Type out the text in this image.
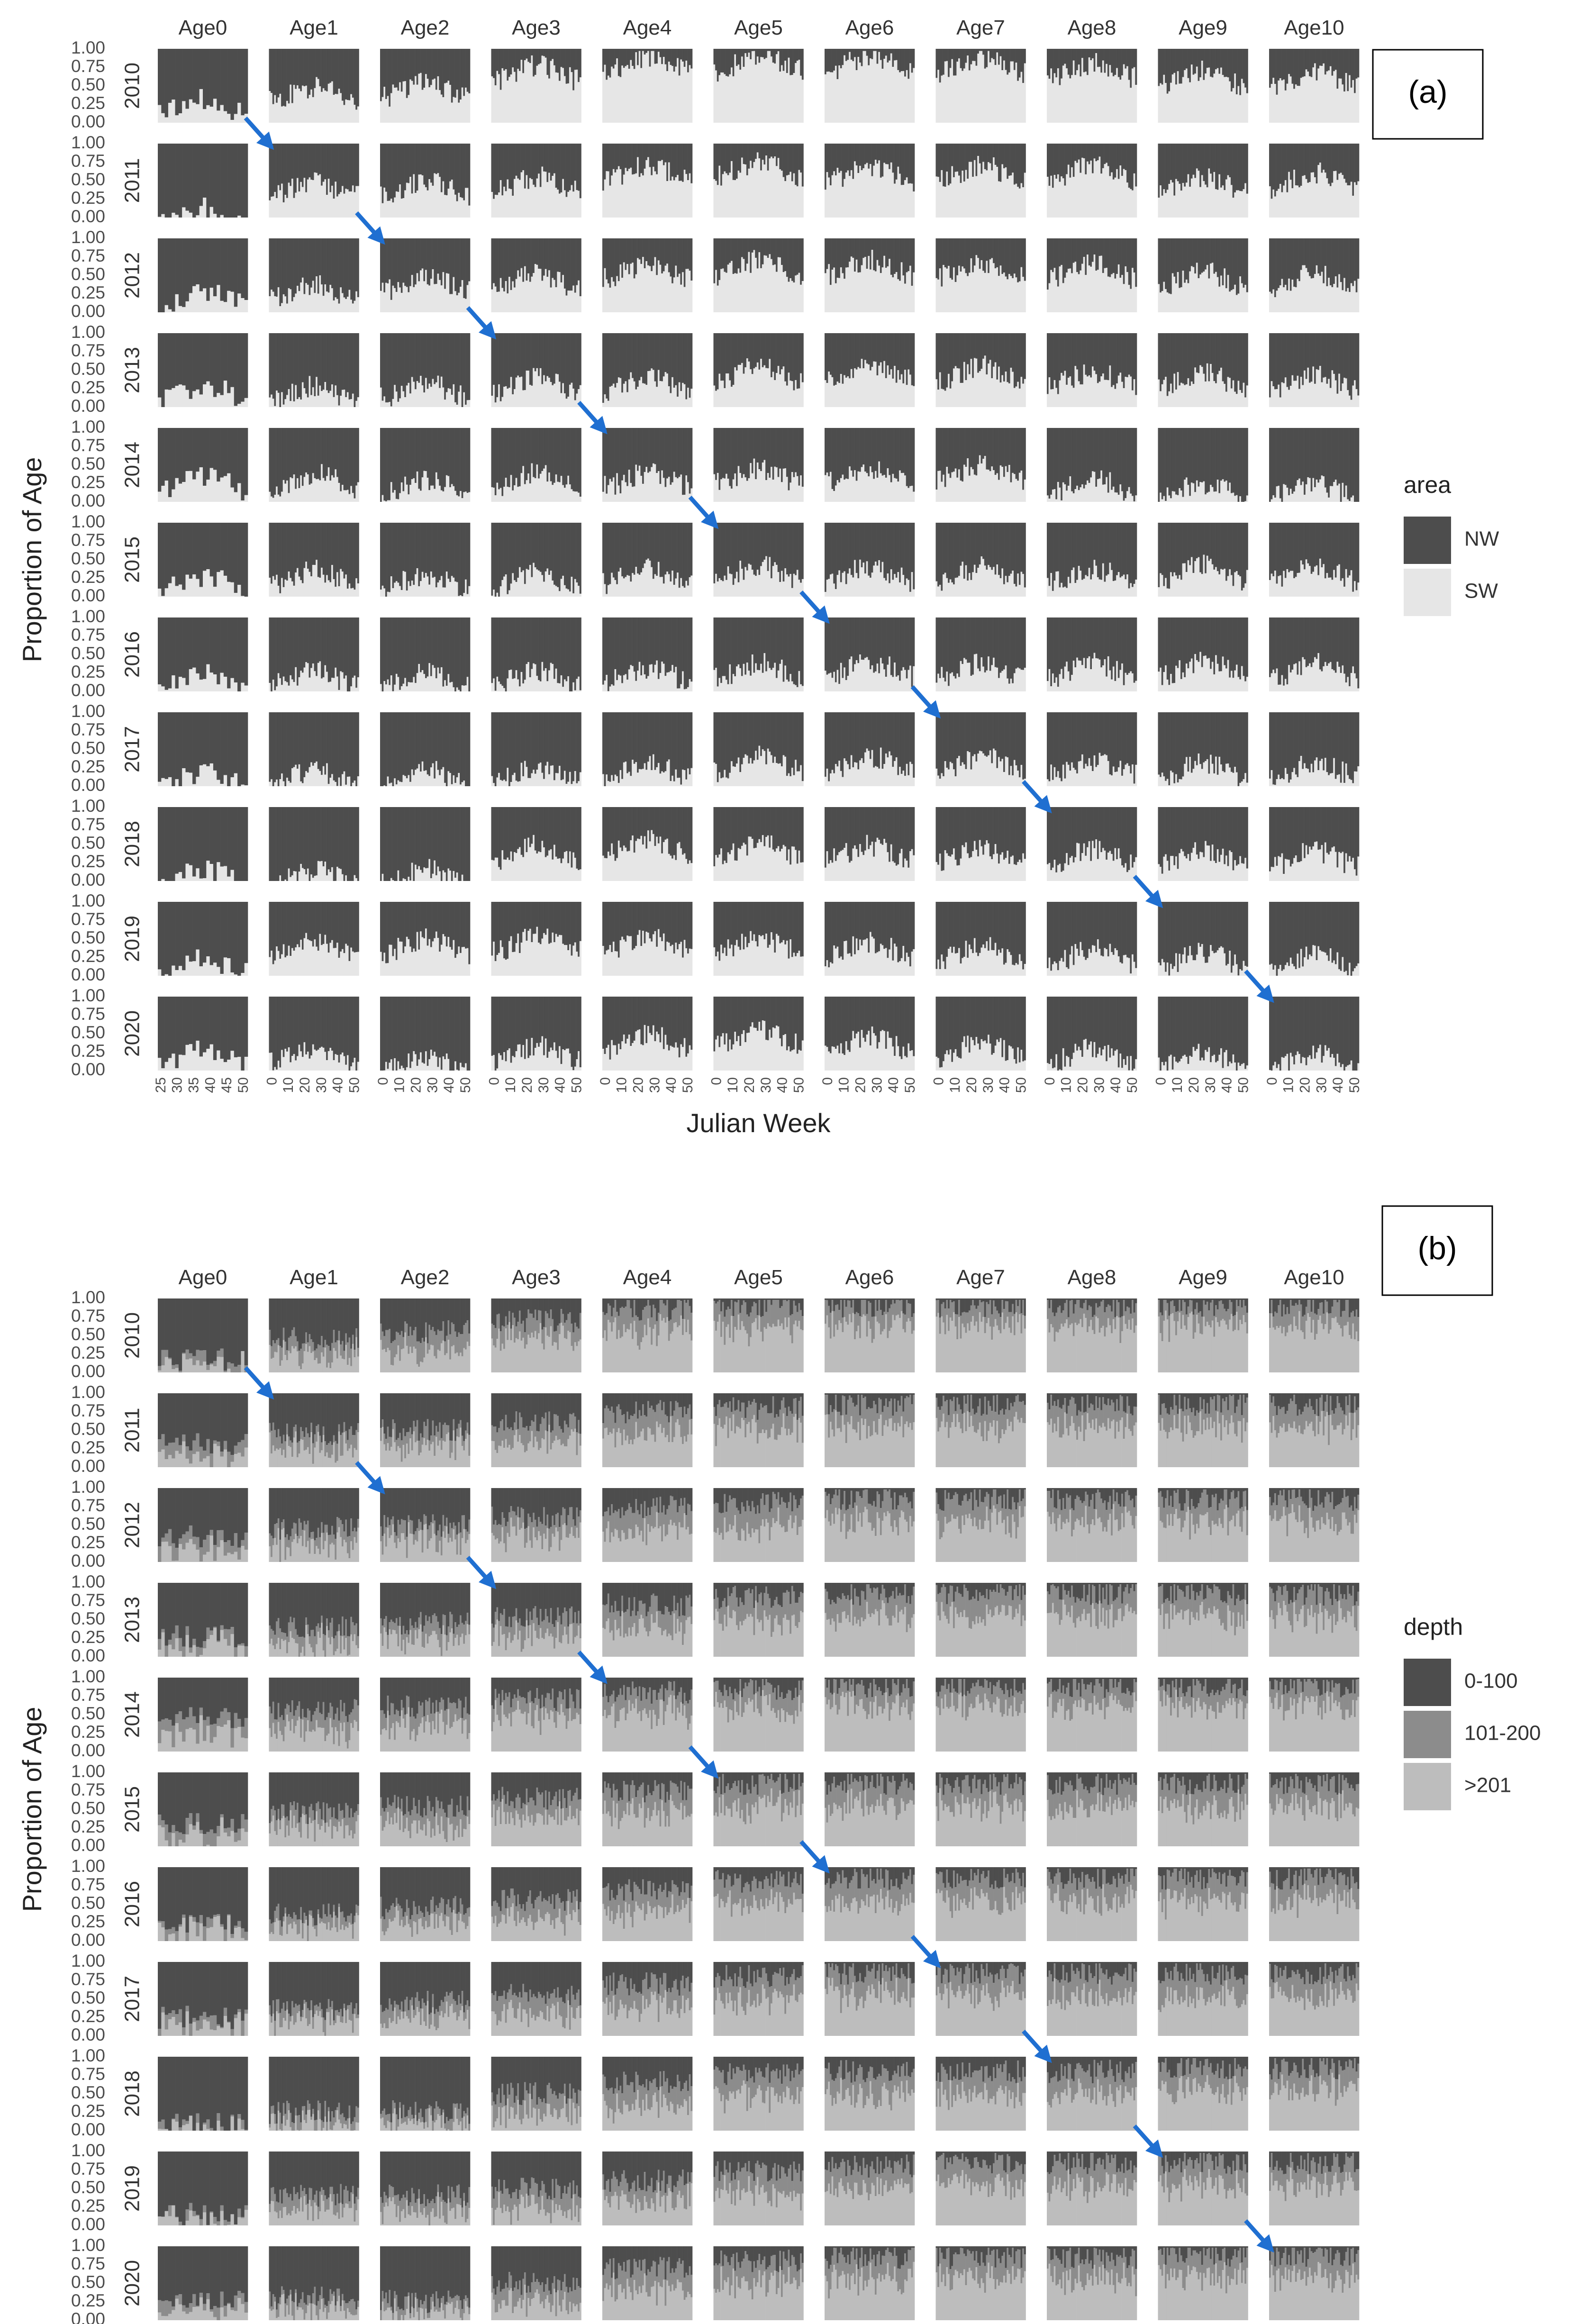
Age0	Age1	Age2	Age3	Age4	Age5	Age6	Age7	Age8	Age9	Age10
2010
1.00
0.75
0.50
0.25
0.00
2011
1.00
0.75
0.50
0.25
0.00
2012
1.00
0.75
0.50
0.25
0.00
2013
1.00
0.75
0.50
0.25
0.00
2014
1.00
0.75
0.50
0.25
0.00
2015
1.00
0.75
0.50
0.25
0.00
2016
1.00
0.75
0.50
0.25
0.00
2017
1.00
0.75
0.50
0.25
0.00
2018
1.00
0.75
0.50
0.25
0.00
2019
1.00
0.75
0.50
0.25
0.00
2020
1.00
0.75
0.50
0.25
0.00
25 30 35 40 45 50 0 10 20 30 40 50 0 10 20 30 40 50 0 10 20 30 40 50 0 10 20 30 40 50 0 10 20 30 40 50 0 10 20 30 40 50 0 10 20 30 40 50 0 10 20 30 40 50 0 10 20 30 40 50 0 10 20 30 40 50
Julian Week
Proportion of Age
(a)
area
NW
SW
Age0	Age1	Age2	Age3	Age4	Age5	Age6	Age7	Age8	Age9	Age10
2010
1.00
0.75
0.50
0.25
0.00
2011
1.00
0.75
0.50
0.25
0.00
2012
1.00
0.75
0.50
0.25
0.00
2013
1.00
0.75
0.50
0.25
0.00
2014
1.00
0.75
0.50
0.25
0.00
2015
1.00
0.75
0.50
0.25
0.00
2016
1.00
0.75
0.50
0.25
0.00
2017
1.00
0.75
0.50
0.25
0.00
2018
1.00
0.75
0.50
0.25
0.00
2019
1.00
0.75
0.50
0.25
0.00
2020
1.00
0.75
0.50
0.25
0.00
Proportion of Age
(b)
depth
0-100
101-200
>201
